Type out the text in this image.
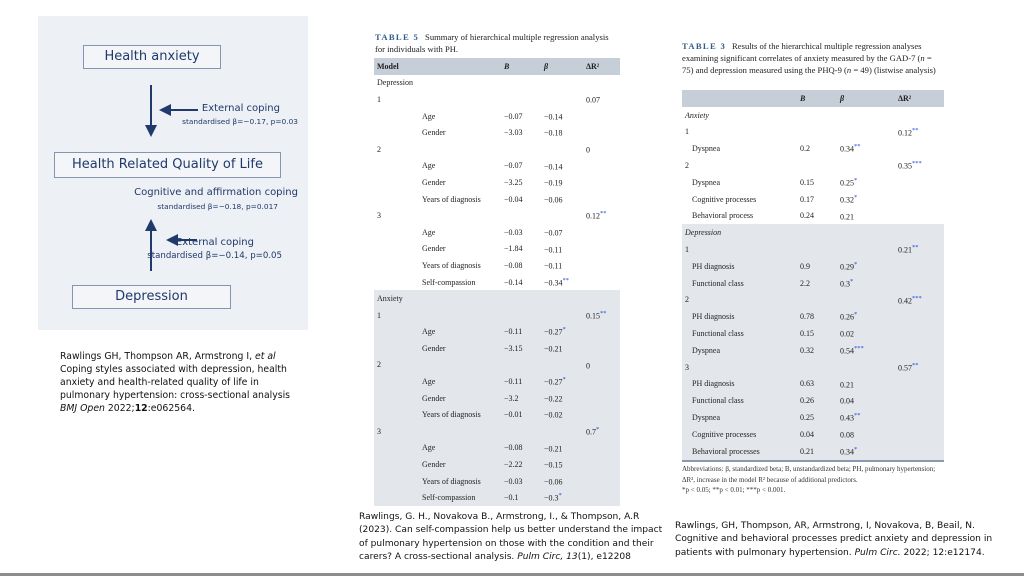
Health anxiety
External coping
standardised β=−0.17, p=0.03
Health Related Quality of Life
Cognitive and affirmation coping
standardised β=−0.18, p=0.017
External coping
standardised β=−0.14, p=0.05
Depression
Rawlings GH, Thompson AR, Armstrong I, et al Coping styles associated with depression, health anxiety and health-related quality of life in pulmonary hypertension: cross-sectional analysis BMJ Open 2022;12:e062564.
TABLE 5 Summary of hierarchical multiple regression analysis for individuals with PH.
Model		B	β	ΔR²
Depression				
1				0.07
	Age	−0.07	−0.14	
	Gender	−3.03	−0.18	
2				0
	Age	−0.07	−0.14	
	Gender	−3.25	−0.19	
	Years of diagnosis	−0.04	−0.06	
3				0.12**
	Age	−0.03	−0.07	
	Gender	−1.84	−0.11	
	Years of diagnosis	−0.08	−0.11	
	Self-compassion	−0.14	−0.34**	
Anxiety				
1				0.15**
	Age	−0.11	−0.27*	
	Gender	−3.15	−0.21	
2				0
	Age	−0.11	−0.27*	
	Gender	−3.2	−0.22	
	Years of diagnosis	−0.01	−0.02	
3				0.7*
	Age	−0.08	−0.21	
	Gender	−2.22	−0.15	
	Years of diagnosis	−0.03	−0.06	
	Self-compassion	−0.1	−0.3*	
Rawlings, G. H., Novakova B., Armstrong, I., & Thompson, A.R (2023). Can self-compassion help us better understand the impact of pulmonary hypertension on those with the condition and their carers? A cross-sectional analysis. Pulm Circ, 13(1), e12208
TABLE 3 Results of the hierarchical multiple regression analyses examining significant correlates of anxiety measured by the GAD-7 (n = 75) and depression measured using the PHQ-9 (n = 49) (listwise analysis)
	B	β	ΔR²
Anxiety			
1			0.12**
Dyspnea	0.2	0.34**	
2			0.35***
Dyspnea	0.15	0.25*	
Cognitive processes	0.17	0.32*	
Behavioral process	0.24	0.21	
Depression			
1			0.21**
PH diagnosis	0.9	0.29*	
Functional class	2.2	0.3*	
2			0.42***
PH diagnosis	0.78	0.26*	
Functional class	0.15	0.02	
Dyspnea	0.32	0.54***	
3			0.57**
PH diagnosis	0.63	0.21	
Functional class	0.26	0.04	
Dyspnea	0.25	0.43**	
Cognitive processes	0.04	0.08	
Behavioral processes	0.21	0.34*	
Abbreviations: β, standardized beta; B, unstandardized beta; PH, pulmonary hypertension; ΔR², increase in the model R² because of additional predictors.
*p < 0.05; **p < 0.01; ***p < 0.001.
Rawlings, GH, Thompson, AR, Armstrong, I, Novakova, B, Beail, N. Cognitive and behavioral processes predict anxiety and depression in patients with pulmonary hypertension. Pulm Circ. 2022; 12:e12174.
